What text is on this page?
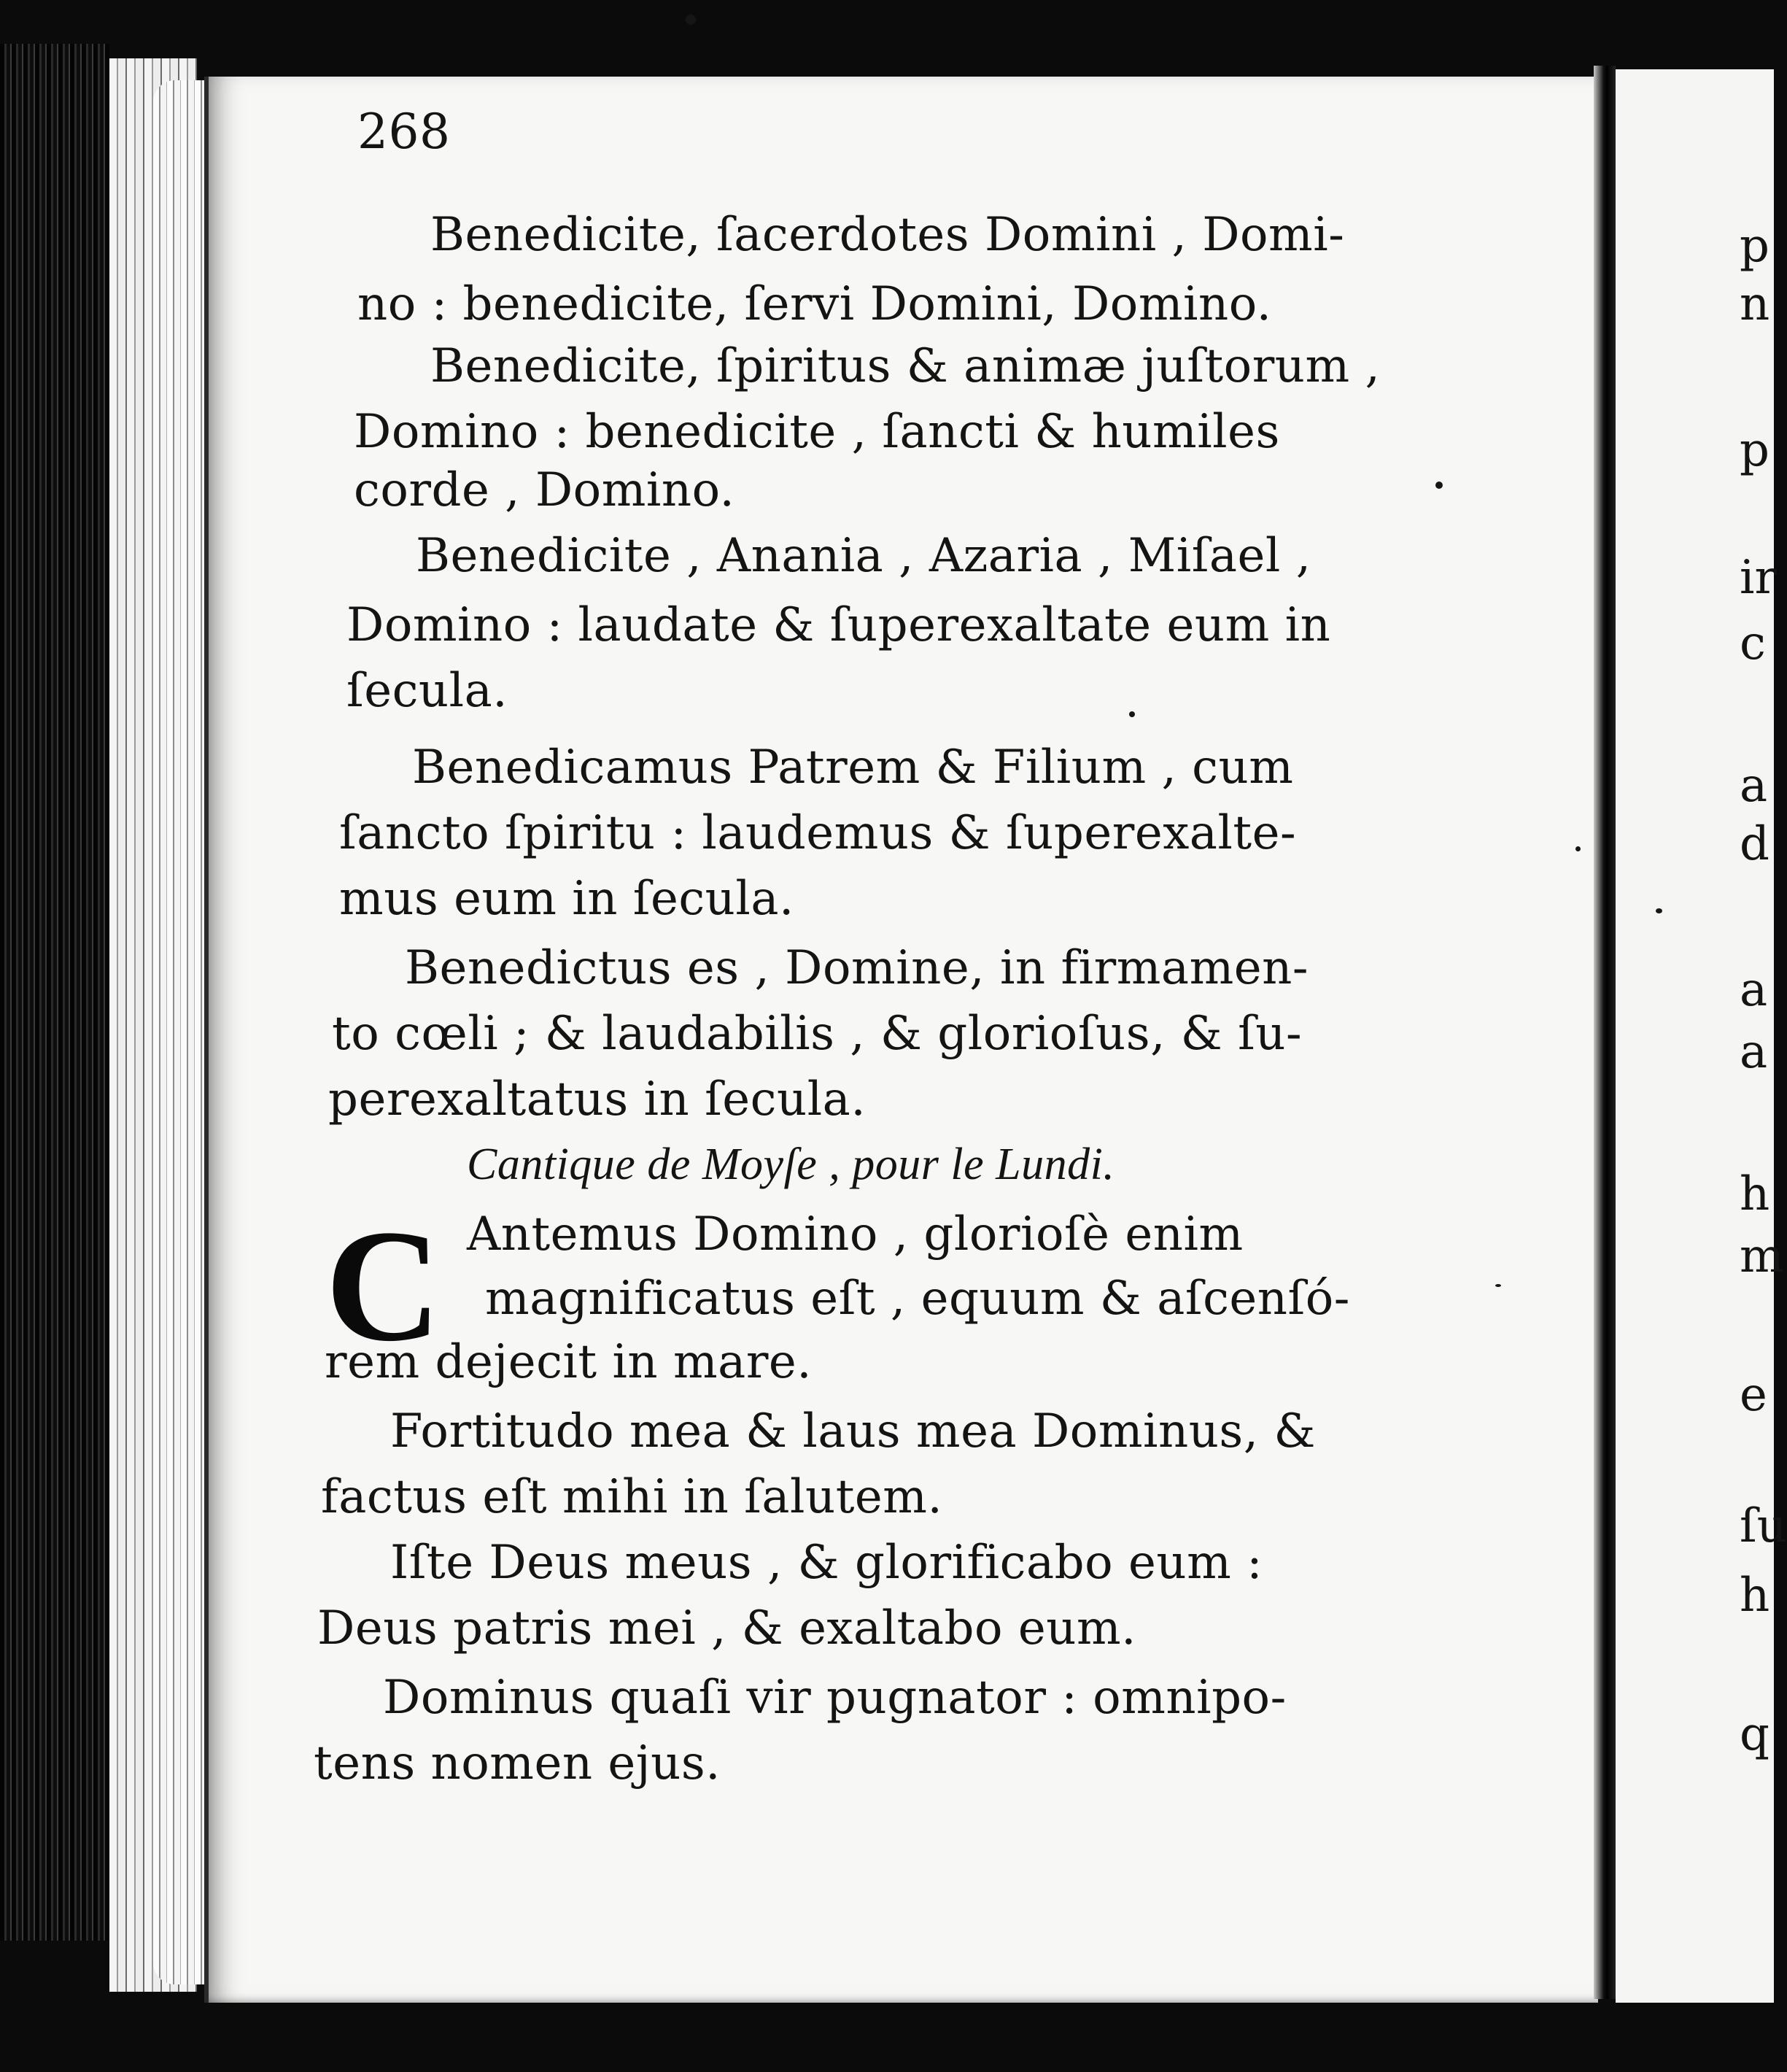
268

Benedicite, ſacerdotes Domini , Domi-

no : benedicite, ſervi Domini, Domino.

Benedicite, ſpiritus & animæ juſtorum ,

Domino : benedicite , ſancti & humiles

corde , Domino.

Benedicite , Anania , Azaria , Miſael ,

Domino : laudate & ſuperexaltate eum in

ſecula.

Benedicamus Patrem & Filium , cum

ſancto ſpiritu : laudemus & ſuperexalte-

mus eum in ſecula.

Benedictus es , Domine, in firmamen-

to cœli ; & laudabilis , & glorioſus, & ſu-

perexaltatus in ſecula.

Cantique de Moyſe , pour le Lundi.

C Antemus Domino , glorioſè enim

magnificatus eſt , equum & aſcenſó-

rem dejecit in mare.

Fortitudo mea & laus mea Dominus, &

factus eſt mihi in ſalutem.

Iſte Deus meus , & glorificabo eum :

Deus patris mei , & exaltabo eum.

Dominus quaſi vir pugnator : omnipo-

tens nomen ejus.

p

n

p

ir

c

a

d

a

a

h

m

e

ſu

h

q
